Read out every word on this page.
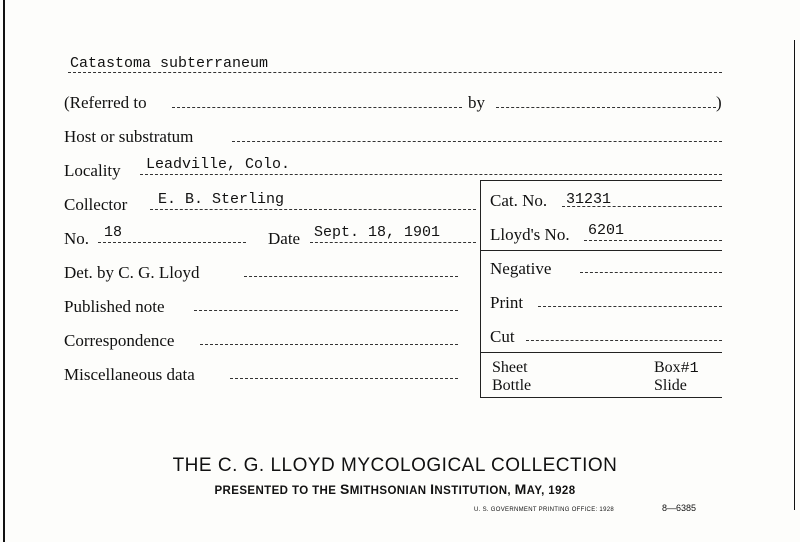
Catastoma subterraneum
(Referred to	by	)
Host or substratum
Locality Leadville, Colo.
Collector E. B. Sterling
No. 18	Date Sept. 18, 1901
Det. by C. G. Lloyd
Published note
Correspondence
Miscellaneous data
Cat. No. 31231
Lloyd's No. 6201
Negative
Print
Cut
Sheet
Bottle
Box#1
Slide
THE C. G. LLOYD MYCOLOGICAL COLLECTION
PRESENTED TO THE SMITHSONIAN INSTITUTION, MAY, 1928
U. S. GOVERNMENT PRINTING OFFICE: 1928	8—6385
